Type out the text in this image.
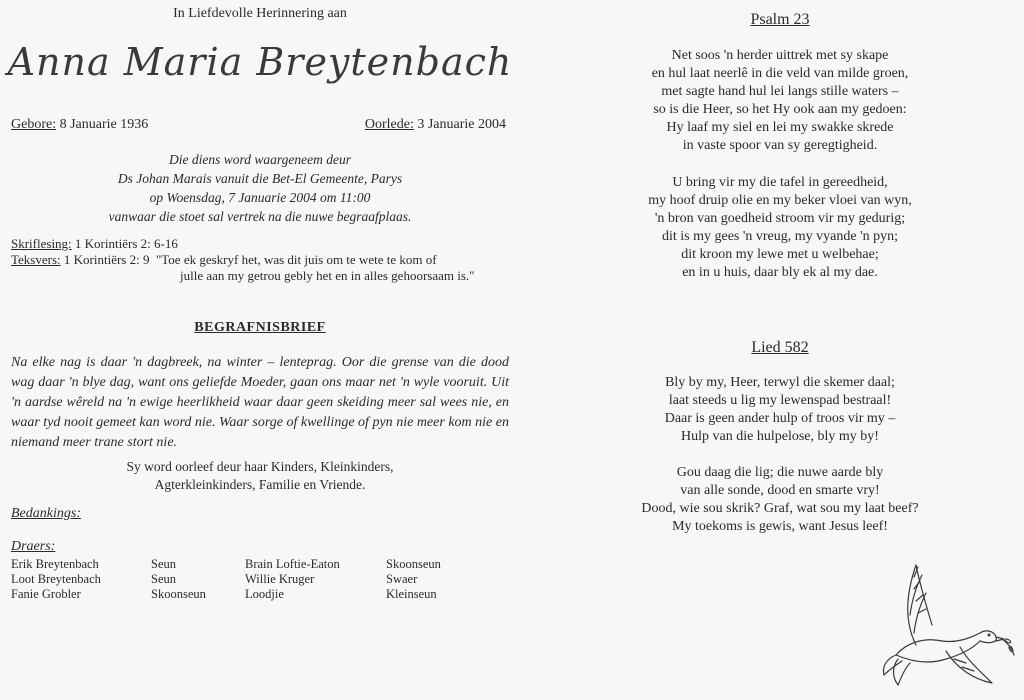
In Liefdevolle Herinnering aan
Anna Maria Breytenbach
Gebore: 8 Januarie 1936	Oorlede: 3 Januarie 2004
Die diens word waargeneem deur
Ds Johan Marais vanuit die Bet-El Gemeente, Parys
op Woensdag, 7 Januarie 2004 om 11:00
vanwaar die stoet sal vertrek na die nuwe begraafplaas.
Skriflesing: 1 Korintiërs 2: 6-16
Teksvers: 1 Korintiërs 2: 9 "Toe ek geskryf het, was dit juis om te wete te kom of
julle aan my getrou gebly het en in alles gehoorsaam is."
BEGRAFNISBRIEF
Na elke nag is daar 'n dagbreek, na winter – lenteprag. Oor die grense van die dood wag daar 'n blye dag, want ons geliefde Moeder, gaan ons maar net 'n wyle vooruit. Uit 'n aardse wêreld na 'n ewige heerlikheid waar daar geen skeiding meer sal wees nie, en waar tyd nooit gemeet kan word nie. Waar sorge of kwellinge of pyn nie meer kom nie en niemand meer trane stort nie.
Sy word oorleef deur haar Kinders, Kleinkinders,
Agterkleinkinders, Familie en Vriende.
Bedankings:
Draers:
Erik Breytenbach
Loot Breytenbach
Fanie Grobler
Seun
Seun
Skoonseun
Brain Loftie-Eaton
Willie Kruger
Loodjie
Skoonseun
Swaer
Kleinseun
Psalm 23
Net soos 'n herder uittrek met sy skape
en hul laat neerlê in die veld van milde groen,
met sagte hand hul lei langs stille waters –
so is die Heer, so het Hy ook aan my gedoen:
Hy laaf my siel en lei my swakke skrede
in vaste spoor van sy geregtigheid.
U bring vir my die tafel in gereedheid,
my hoof druip olie en my beker vloei van wyn,
'n bron van goedheid stroom vir my gedurig;
dit is my gees 'n vreug, my vyande 'n pyn;
dit kroon my lewe met u welbehae;
en in u huis, daar bly ek al my dae.
Lied 582
Bly by my, Heer, terwyl die skemer daal;
laat steeds u lig my lewenspad bestraal!
Daar is geen ander hulp of troos vir my –
Hulp van die hulpelose, bly my by!
Gou daag die lig; die nuwe aarde bly
van alle sonde, dood en smarte vry!
Dood, wie sou skrik? Graf, wat sou my laat beef?
My toekoms is gewis, want Jesus leef!
